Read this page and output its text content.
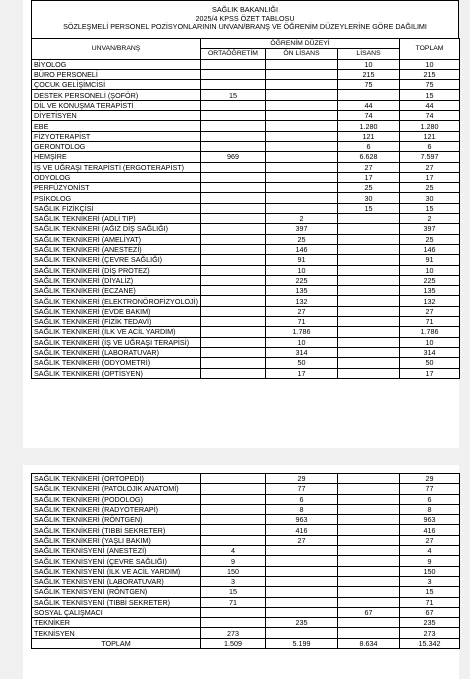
SAĞLIK BAKANLIĞI
2025/4 KPSS ÖZET TABLOSU
SÖZLEŞMELİ PERSONEL POZİSYONLARININ UNVAN/BRANŞ VE ÖĞRENİM DÜZEYLERİNE GÖRE DAĞILIMI
UNVAN/BRANŞ	ÖĞRENİM DÜZEYİ			TOPLAM
	ORTAÖĞRETİM	ÖN LİSANS	LİSANS	
BİYOLOG			10	10
BÜRO PERSONELİ			215	215
ÇOCUK GELİŞİMCİSİ			75	75
DESTEK PERSONELİ (ŞOFÖR)	15			15
DİL VE KONUŞMA TERAPİSTİ			44	44
DİYETİSYEN			74	74
EBE			1.280	1.280
FİZYOTERAPİST			121	121
GERONTOLOG			6	6
HEMŞİRE	969		6.628	7.597
İŞ VE UĞRAŞI TERAPİSTİ (ERGOTERAPİST)			27	27
ODYOLOG			17	17
PERFÜZYONİST			25	25
PSİKOLOG			30	30
SAĞLIK FİZİKÇİSİ			15	15
SAĞLIK TEKNİKERİ (ADLİ TIP)		2		2
SAĞLIK TEKNİKERİ (AĞIZ DİŞ SAĞLIĞI)		397		397
SAĞLIK TEKNİKERİ (AMELİYAT)		25		25
SAĞLIK TEKNİKERİ (ANESTEZİ)		146		146
SAĞLIK TEKNİKERİ (ÇEVRE SAĞLIĞI)		91		91
SAĞLIK TEKNİKERİ (DİŞ PROTEZ)		10		10
SAĞLIK TEKNİKERİ (DİYALİZ)		225		225
SAĞLIK TEKNİKERİ (ECZANE)		135		135
SAĞLIK TEKNİKERİ (ELEKTRONÖROFİZYOLOJİ)		132		132
SAĞLIK TEKNİKERİ (EVDE BAKIM)		27		27
SAĞLIK TEKNİKERİ (FİZİK TEDAVİ)		71		71
SAĞLIK TEKNİKERİ (İLK VE ACİL YARDIM)		1.786		1.786
SAĞLIK TEKNİKERİ (İŞ VE UĞRAŞI TERAPİSİ)		10		10
SAĞLIK TEKNİKERİ (LABORATUVAR)		314		314
SAĞLIK TEKNİKERİ (ODYOMETRİ)		50		50
SAĞLIK TEKNİKERİ (OPTİSYEN)		17		17
SAĞLIK TEKNİKERİ (ORTOPEDİ)		29		29
SAĞLIK TEKNİKERİ (PATOLOJİK ANATOMİ)		77		77
SAĞLIK TEKNİKERİ (PODOLOG)		6		6
SAĞLIK TEKNİKERİ (RADYOTERAPİ)		8		8
SAĞLIK TEKNİKERİ (RÖNTGEN)		963		963
SAĞLIK TEKNİKERİ (TIBBİ SEKRETER)		416		416
SAĞLIK TEKNİKERİ (YAŞLI BAKIM)		27		27
SAĞLIK TEKNİSYENİ (ANESTEZİ)	4			4
SAĞLIK TEKNİSYENİ (ÇEVRE SAĞLIĞI)	9			9
SAĞLIK TEKNİSYENİ (İLK VE ACİL YARDIM)	150			150
SAĞLIK TEKNİSYENİ (LABORATUVAR)	3			3
SAĞLIK TEKNİSYENİ (RÖNTGEN)	15			15
SAĞLIK TEKNİSYENİ (TIBBİ SEKRETER)	71			71
SOSYAL ÇALIŞMACI			67	67
TEKNİKER		235		235
TEKNİSYEN	273			273
TOPLAM	1.509	5.199	8.634	15.342
